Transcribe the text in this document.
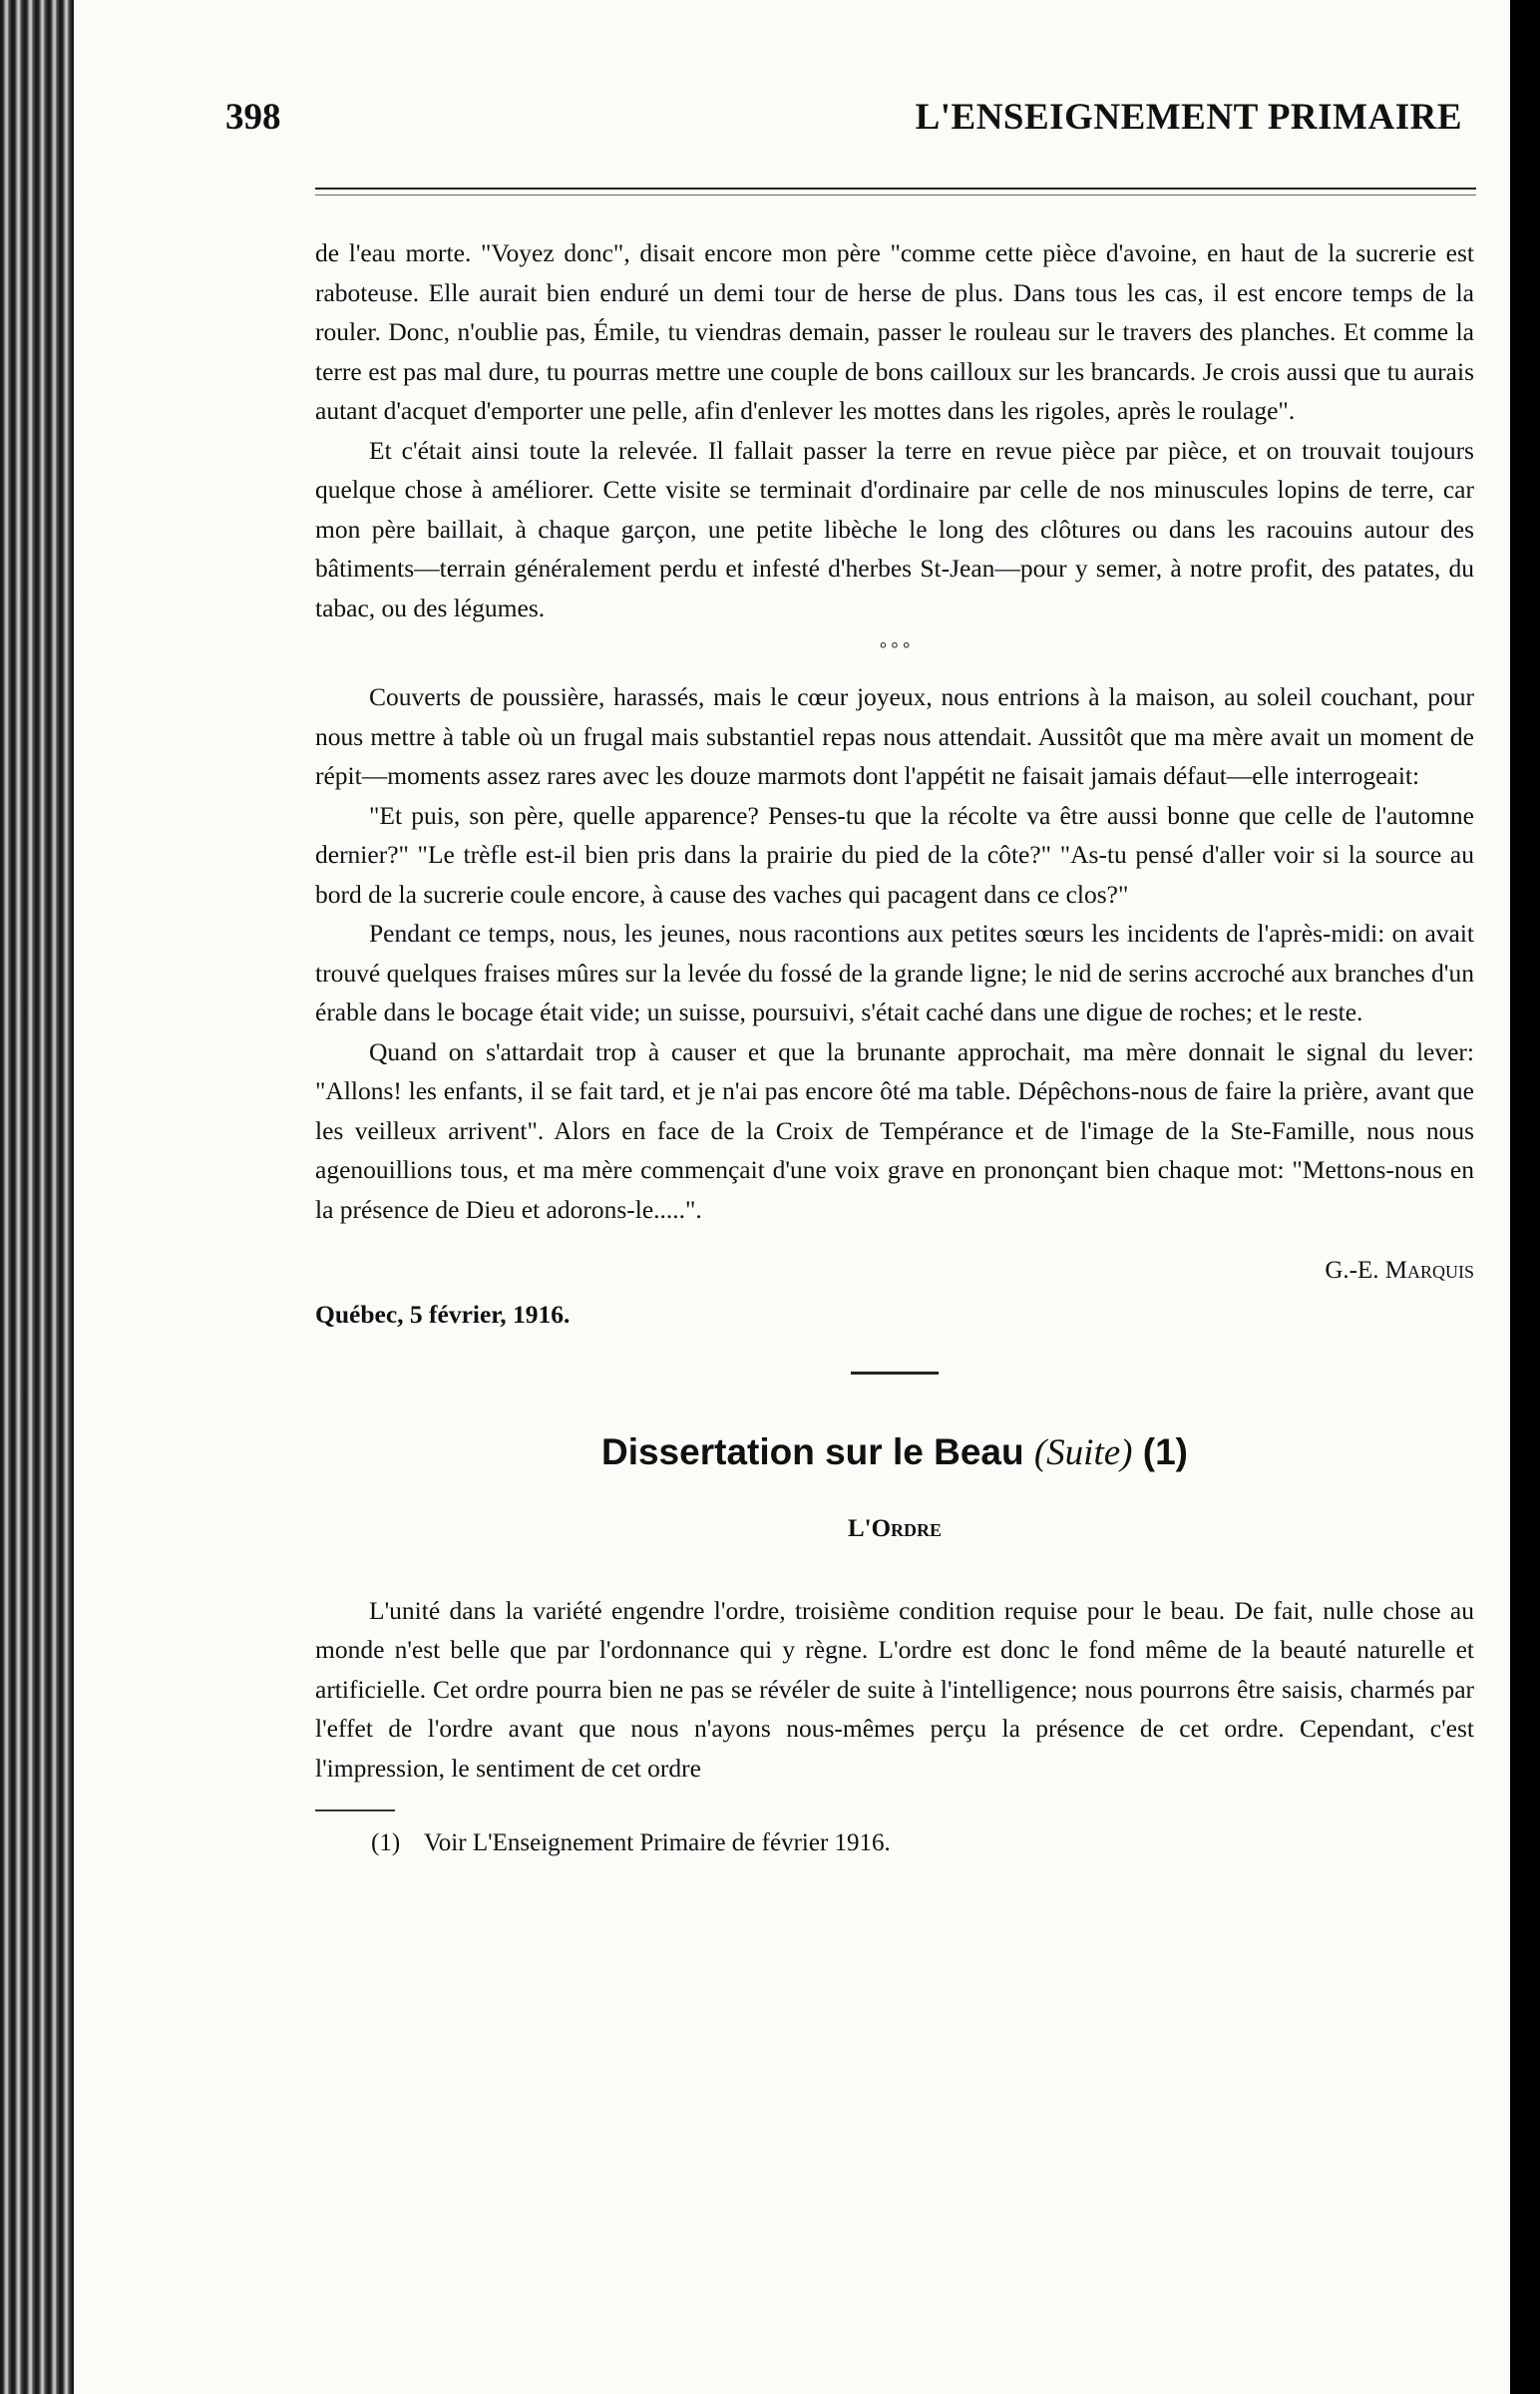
398	L'ENSEIGNEMENT PRIMAIRE

de l'eau morte. "Voyez donc", disait encore mon père "comme cette pièce d'avoine, en haut de la sucrerie est raboteuse. Elle aurait bien enduré un demi tour de herse de plus. Dans tous les cas, il est encore temps de la rouler. Donc, n'oublie pas, Émile, tu viendras demain, passer le rouleau sur le travers des planches. Et comme la terre est pas mal dure, tu pourras mettre une couple de bons cailloux sur les brancards. Je crois aussi que tu aurais autant d'acquet d'emporter une pelle, afin d'enlever les mottes dans les rigoles, après le roulage".

Et c'était ainsi toute la relevée. Il fallait passer la terre en revue pièce par pièce, et on trouvait toujours quelque chose à améliorer. Cette visite se terminait d'ordinaire par celle de nos minuscules lopins de terre, car mon père baillait, à chaque garçon, une petite libèche le long des clôtures ou dans les racouins autour des bâtiments—terrain généralement perdu et infesté d'herbes St-Jean—pour y semer, à notre profit, des patates, du tabac, ou des légumes.

° ° °

Couverts de poussière, harassés, mais le cœur joyeux, nous entrions à la maison, au soleil couchant, pour nous mettre à table où un frugal mais substantiel repas nous attendait. Aussitôt que ma mère avait un moment de répit—moments assez rares avec les douze marmots dont l'appétit ne faisait jamais défaut—elle interrogeait:

"Et puis, son père, quelle apparence? Penses-tu que la récolte va être aussi bonne que celle de l'automne dernier?" "Le trèfle est-il bien pris dans la prairie du pied de la côte?" "As-tu pensé d'aller voir si la source au bord de la sucrerie coule encore, à cause des vaches qui pacagent dans ce clos?"

Pendant ce temps, nous, les jeunes, nous racontions aux petites sœurs les incidents de l'après-midi: on avait trouvé quelques fraises mûres sur la levée du fossé de la grande ligne; le nid de serins accroché aux branches d'un érable dans le bocage était vide; un suisse, poursuivi, s'était caché dans une digue de roches; et le reste.

Quand on s'attardait trop à causer et que la brunante approchait, ma mère donnait le signal du lever: "Allons! les enfants, il se fait tard, et je n'ai pas encore ôté ma table. Dépêchons-nous de faire la prière, avant que les veilleux arrivent". Alors en face de la Croix de Tempérance et de l'image de la Ste-Famille, nous nous agenouillions tous, et ma mère commençait d'une voix grave en prononçant bien chaque mot: "Mettons-nous en la présence de Dieu et adorons-le.....".

G.-E. Marquis
Québec, 5 février, 1916.
Dissertation sur le Beau (Suite) (1)
L'Ordre

L'unité dans la variété engendre l'ordre, troisième condition requise pour le beau. De fait, nulle chose au monde n'est belle que par l'ordonnance qui y règne. L'ordre est donc le fond même de la beauté naturelle et artificielle. Cet ordre pourra bien ne pas se révéler de suite à l'intelligence; nous pourrons être saisis, charmés par l'effet de l'ordre avant que nous n'ayons nous-mêmes perçu la présence de cet ordre. Cependant, c'est l'impression, le sentiment de cet ordre

(1) Voir L'Enseignement Primaire de février 1916.
